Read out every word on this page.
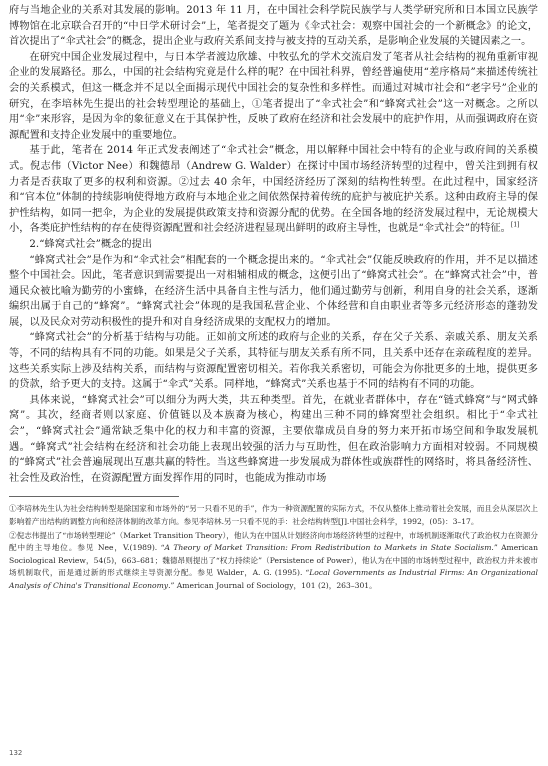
府与当地企业的关系对其发展的影响。2013 年 11 月，在中国社会科学院民族学与人类学研究所和日本国立民族学博物馆在北京联合召开的“中日学术研讨会”上，笔者提交了题为《伞式社会：观察中国社会的一个新概念》的论文，首次提出了“伞式社会”的概念，提出企业与政府关系间支持与被支持的互动关系，是影响企业发展的关键因素之一。

在研究中国企业发展过程中，与日本学者渡边欣雄、中牧弘允的学术交流启发了笔者从社会结构的视角重新审视企业的发展路径。那么，中国的社会结构究竟是什么样的呢？在中国社科界，曾经普遍使用“差序格局”来描述传统社会的关系模式，但这一概念并不足以全面揭示现代中国社会的复杂性和多样性。而通过对城市社会和“老字号”企业的研究，在李培林先生提出的社会转型理论的基础上，①笔者提出了“伞式社会”和“蜂窝式社会”这一对概念。之所以用“伞”来形容，是因为伞的象征意义在于其保护性，反映了政府在经济和社会发展中的庇护作用，从而强调政府在资源配置和支持企业发展中的重要地位。

基于此，笔者在 2014 年正式发表阐述了“伞式社会”概念，用以解释中国社会中特有的企业与政府间的关系模式。倪志伟（Victor Nee）和魏德昂（Andrew G. Walder）在探讨中国市场经济转型的过程中，曾关注到拥有权力者是否获取了更多的权利和资源。②过去 40 余年，中国经济经历了深刻的结构性转型。在此过程中，国家经济和“官本位”体制的持续影响使得地方政府与本地企业之间依然保持着传统的庇护与被庇护关系。这种由政府主导的保护性结构，如同一把伞，为企业的发展提供政策支持和资源分配的优势。在全国各地的经济发展过程中，无论规模大小，各类庇护性结构的存在使得资源配置和社会经济进程显现出鲜明的政府主导性，也就是“伞式社会”的特征。[1]

2.“蜂窝式社会”概念的提出

“蜂窝式社会”是作为和“伞式社会”相配套的一个概念提出来的。“伞式社会”仅能反映政府的作用，并不足以描述整个中国社会。因此，笔者意识到需要提出一对相辅相成的概念，这便引出了“蜂窝式社会”。在“蜂窝式社会”中，普通民众被比喻为勤劳的小蜜蜂，在经济生活中具备自主性与活力，他们通过勤劳与创新，利用自身的社会关系，逐渐编织出属于自己的“蜂窝”。“蜂窝式社会”体现的是我国私营企业、个体经营和自由职业者等多元经济形态的蓬勃发展，以及民众对劳动积极性的提升和对自身经济成果的支配权力的增加。

“蜂窝式社会”的分析基于结构与功能。正如前文所述的政府与企业的关系，存在父子关系、亲戚关系、朋友关系等，不同的结构具有不同的功能。如果是父子关系，其特征与朋友关系有所不同，且关系中还存在亲疏程度的差异。这些关系实际上涉及结构关系，而结构与资源配置密切相关。若你我关系密切，可能会为你批更多的土地，提供更多的贷款，给予更大的支持。这属于“伞式”关系。同样地，“蜂窝式”关系也基于不同的结构有不同的功能。

具体来说，“蜂窝式社会”可以细分为两大类，共五种类型。首先，在就业者群体中，存在“链式蜂窝”与“网式蜂窝”。其次，经商者则以家庭、价值链以及本族裔为核心，构建出三种不同的蜂窝型社会组织。相比于“伞式社会”，“蜂窝式社会”通常缺乏集中化的权力和丰富的资源，主要依靠成员自身的努力来开拓市场空间和争取发展机遇。“蜂窝式”社会结构在经济和社会功能上表现出较强的活力与互助性，但在政治影响力方面相对较弱。不同规模的“蜂窝式”社会普遍展现出互惠共赢的特性。当这些蜂窝进一步发展成为群体性或族群性的网络时，将具备经济性、社会性及政治性，在资源配置方面发挥作用的同时，也能成为推动市场

①李培林先生认为社会结构转型是除国家和市场外的“另一只看不见的手”，作为一种资源配置的实际方式，不仅从整体上推动着社会发展，而且会从深层次上影响着产出结构的调整方向和经济体制的改革方向。参见李培林.另一只看不见的手：社会结构转型[J].中国社会科学，1992，(05)：3–17。

②倪志伟提出了“市场转型理论”（Market Transition Theory），他认为在中国从计划经济向市场经济转型的过程中，市场机制逐渐取代了政治权力在资源分配中的主导地位。参见 Nee，V.(1989). “A Theory of Market Transition: From Redistribution to Markets in State Socialism.” American Sociological Review，54(5)，663–681；魏德昂则提出了“权力持续论”（Persistence of Power），他认为在中国的市场转型过程中，政治权力并未被市场机制取代，而是通过新的形式继续主导资源分配。参见 Walder，A. G. (1995). “Local Governments as Industrial Firms: An Organizational Analysis of China's Transitional Economy.” American Journal of Sociology，101 (2)，263–301。

132
